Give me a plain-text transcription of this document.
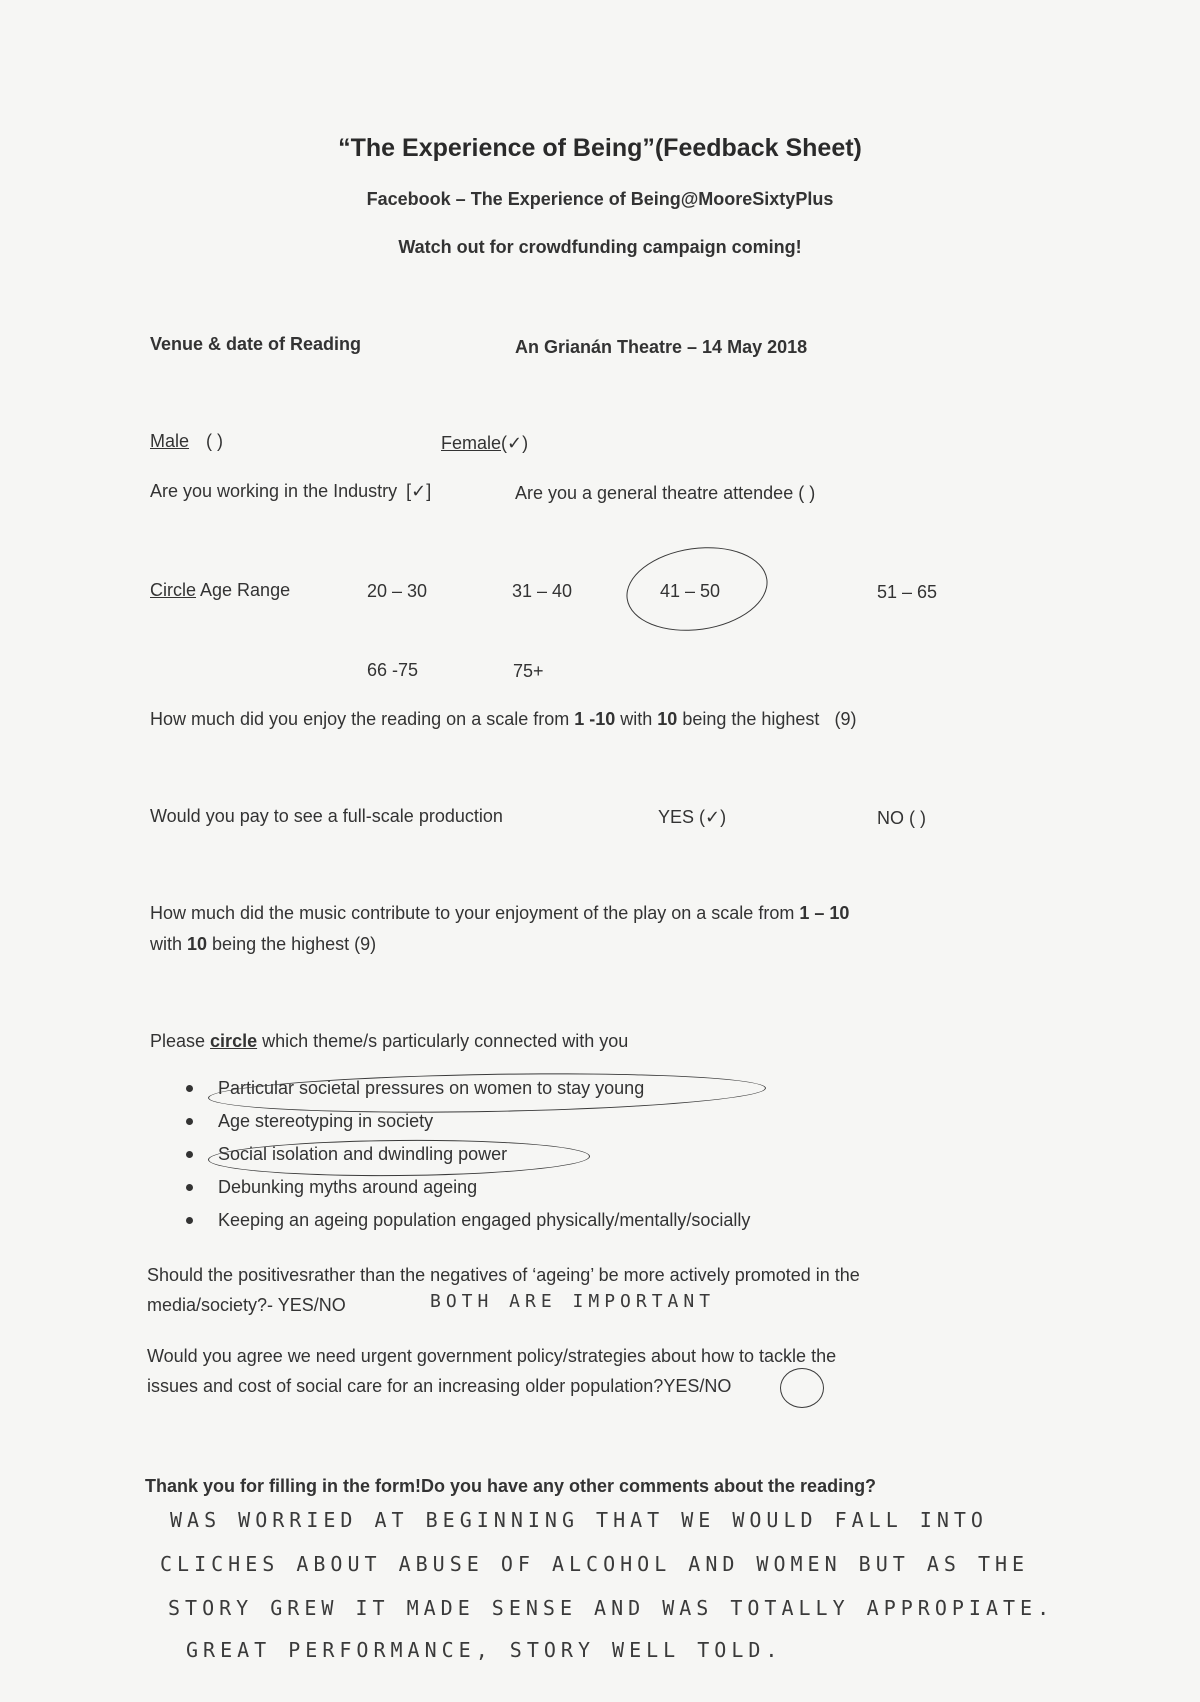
“The Experience of Being”(Feedback Sheet)
Facebook – The Experience of Being@MooreSixtyPlus
Watch out for crowdfunding campaign coming!
Venue & date of Reading	An Grianán Theatre – 14 May 2018
Male ( )	Female(✓)
Are you working in the Industry [✓]	Are you a general theatre attendee ( )
Circle Age Range	20 – 30	31 – 40	41 – 50	51 – 65
66 -75	75+
How much did you enjoy the reading on a scale from 1 -10 with 10 being the highest (9)
Would you pay to see a full-scale production	YES (✓)	NO ( )
How much did the music contribute to your enjoyment of the play on a scale from 1 – 10
with 10 being the highest (9)
Please circle which theme/s particularly connected with you
Particular societal pressures on women to stay young
Age stereotyping in society
Social isolation and dwindling power
Debunking myths around ageing
Keeping an ageing population engaged physically/mentally/socially
Should the positivesrather than the negatives of ‘ageing’ be more actively promoted in the
media/society?- YES/NO	BOTH ARE IMPORTANT
Would you agree we need urgent government policy/strategies about how to tackle the
issues and cost of social care for an increasing older population?YES/NO
Thank you for filling in the form!Do you have any other comments about the reading?
WAS WORRIED AT BEGINNING THAT WE WOULD FALL INTO
CLICHES ABOUT ABUSE OF ALCOHOL AND WOMEN BUT AS THE
STORY GREW IT MADE SENSE AND WAS TOTALLY APPROPIATE.
GREAT PERFORMANCE, STORY WELL TOLD.
